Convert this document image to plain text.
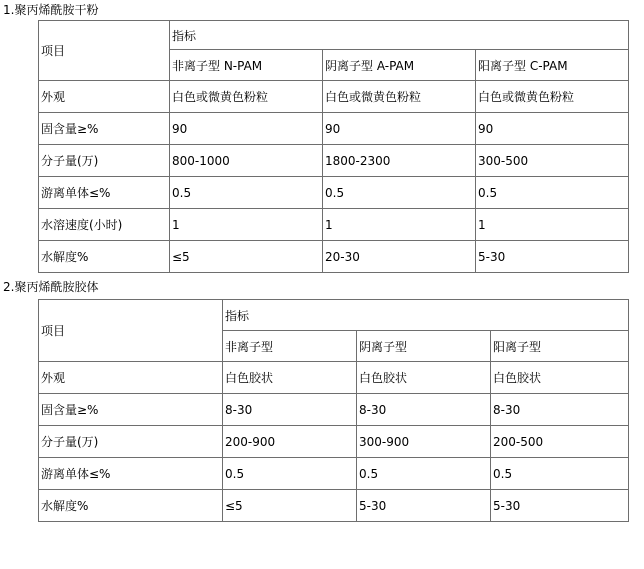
1.聚丙烯酰胺干粉
项目	指标		
	非离子型 N-PAM	阴离子型 A-PAM	阳离子型 C-PAM
外观	白色或微黄色粉粒	白色或微黄色粉粒	白色或微黄色粉粒
固含量≥%	90	90	90
分子量(万)	800-1000	1800-2300	300-500
游离单体≤%	0.5	0.5	0.5
水溶速度(小时)	1	1	1
水解度%	≤5	20-30	5-30
2.聚丙烯酰胺胶体
项目	指标		
	非离子型	阴离子型	阳离子型
外观	白色胶状	白色胶状	白色胶状
固含量≥%	8-30	8-30	8-30
分子量(万)	200-900	300-900	200-500
游离单体≤%	0.5	0.5	0.5
水解度%	≤5	5-30	5-30
